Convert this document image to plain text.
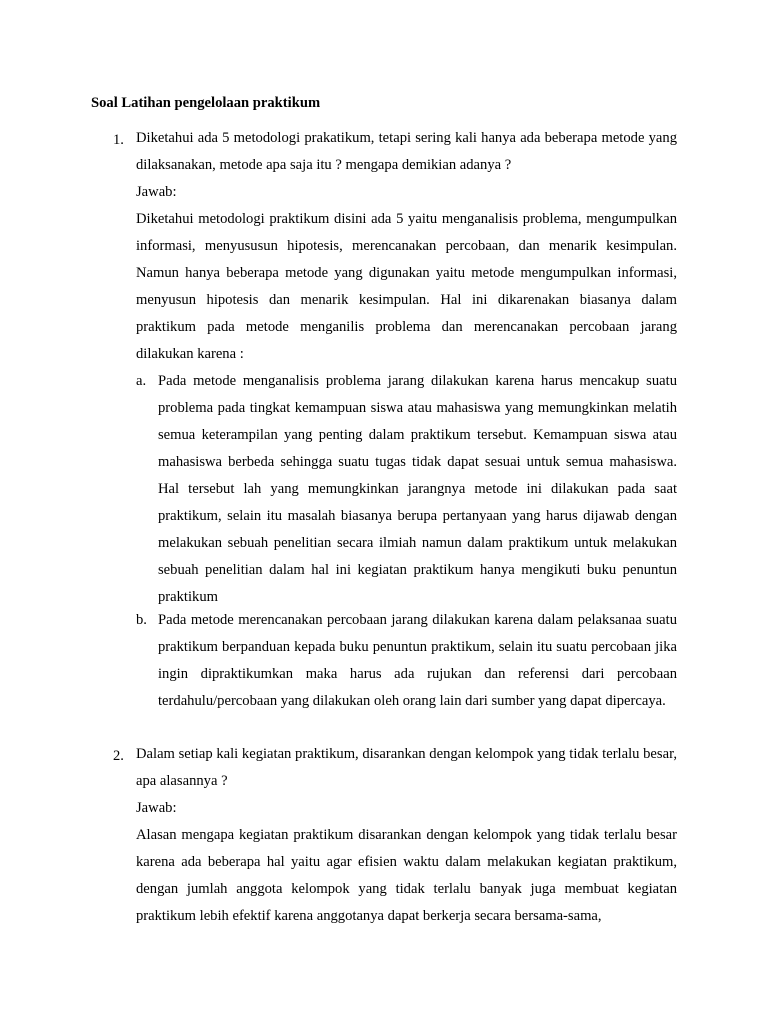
Soal Latihan pengelolaan praktikum
1. Diketahui ada 5 metodologi prakatikum, tetapi sering kali hanya ada beberapa metode yang dilaksanakan, metode apa saja itu ? mengapa demikian adanya ?
Jawab:
Diketahui metodologi praktikum disini ada 5 yaitu menganalisis problema, mengumpulkan informasi, menyususun hipotesis, merencanakan percobaan, dan menarik kesimpulan. Namun hanya beberapa metode yang digunakan yaitu metode mengumpulkan informasi, menyusun hipotesis dan menarik kesimpulan. Hal ini dikarenakan biasanya dalam praktikum pada metode menganilis problema dan merencanakan percobaan jarang dilakukan karena :
a. Pada metode menganalisis problema jarang dilakukan karena harus mencakup suatu problema pada tingkat kemampuan siswa atau mahasiswa yang memungkinkan melatih semua keterampilan yang penting dalam praktikum tersebut. Kemampuan siswa atau mahasiswa berbeda sehingga suatu tugas tidak dapat sesuai untuk semua mahasiswa. Hal tersebut lah yang memungkinkan jarangnya metode ini dilakukan pada saat praktikum, selain itu masalah biasanya berupa pertanyaan yang harus dijawab dengan melakukan sebuah penelitian secara ilmiah namun dalam praktikum untuk melakukan sebuah penelitian dalam hal ini kegiatan praktikum hanya mengikuti buku penuntun praktikum
b. Pada metode merencanakan percobaan jarang dilakukan karena dalam pelaksanaa suatu praktikum berpanduan kepada buku penuntun praktikum, selain itu suatu percobaan jika ingin dipraktikumkan maka harus ada rujukan dan referensi dari percobaan terdahulu/percobaan yang dilakukan oleh orang lain dari sumber yang dapat dipercaya.
2. Dalam setiap kali kegiatan praktikum, disarankan dengan kelompok yang tidak terlalu besar, apa alasannya ?
Jawab:
Alasan mengapa kegiatan praktikum disarankan dengan kelompok yang tidak terlalu besar karena ada beberapa hal yaitu agar efisien waktu dalam melakukan kegiatan praktikum, dengan jumlah anggota kelompok yang tidak terlalu banyak juga membuat kegiatan praktikum lebih efektif karena anggotanya dapat berkerja secara bersama-sama,
